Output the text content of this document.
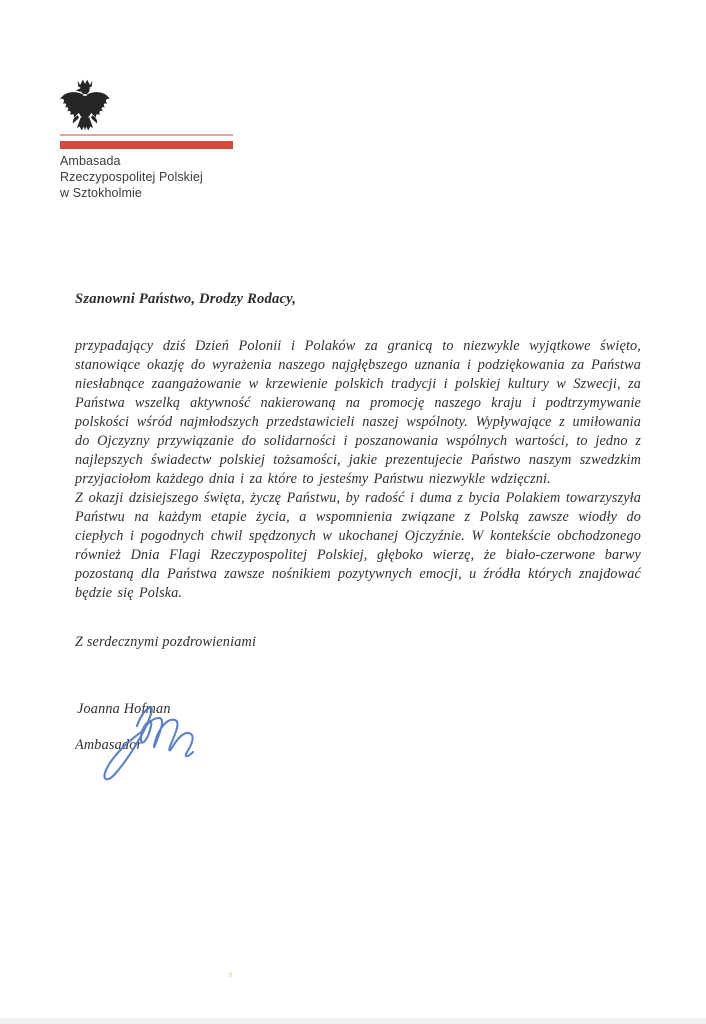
Ambasada
Rzeczypospolitej Polskiej
w Sztokholmie
Szanowni Państwo, Drodzy Rodacy,
przypadający dziś Dzień Polonii i Polaków za granicą to niezwykle wyjątkowe święto, stanowiące okazję do wyrażenia naszego najgłębszego uznania i podziękowania za Państwa niesłabnące zaangażowanie w krzewienie polskich tradycji i polskiej kultury w Szwecji, za Państwa wszelką aktywność nakierowaną na promocję naszego kraju i podtrzymywanie polskości wśród najmłodszych przedstawicieli naszej wspólnoty. Wypływające z umiłowania do Ojczyzny przywiązanie do solidarności i poszanowania wspólnych wartości, to jedno z najlepszych świadectw polskiej tożsamości, jakie prezentujecie Państwo naszym szwedzkim przyjaciołom każdego dnia i za które to jesteśmy Państwu niezwykle wdzięczni.
Z okazji dzisiejszego święta, życzę Państwu, by radość i duma z bycia Polakiem towarzyszyła Państwu na każdym etapie życia, a wspomnienia związane z Polską zawsze wiodły do ciepłych i pogodnych chwil spędzonych w ukochanej Ojczyźnie. W kontekście obchodzonego również Dnia Flagi Rzeczypospolitej Polskiej, głęboko wierzę, że biało-czerwone barwy pozostaną dla Państwa zawsze nośnikiem pozytywnych emocji, u źródła których znajdować będzie się Polska.
Z serdecznymi pozdrowieniami
Joanna Hofman
Ambasador
